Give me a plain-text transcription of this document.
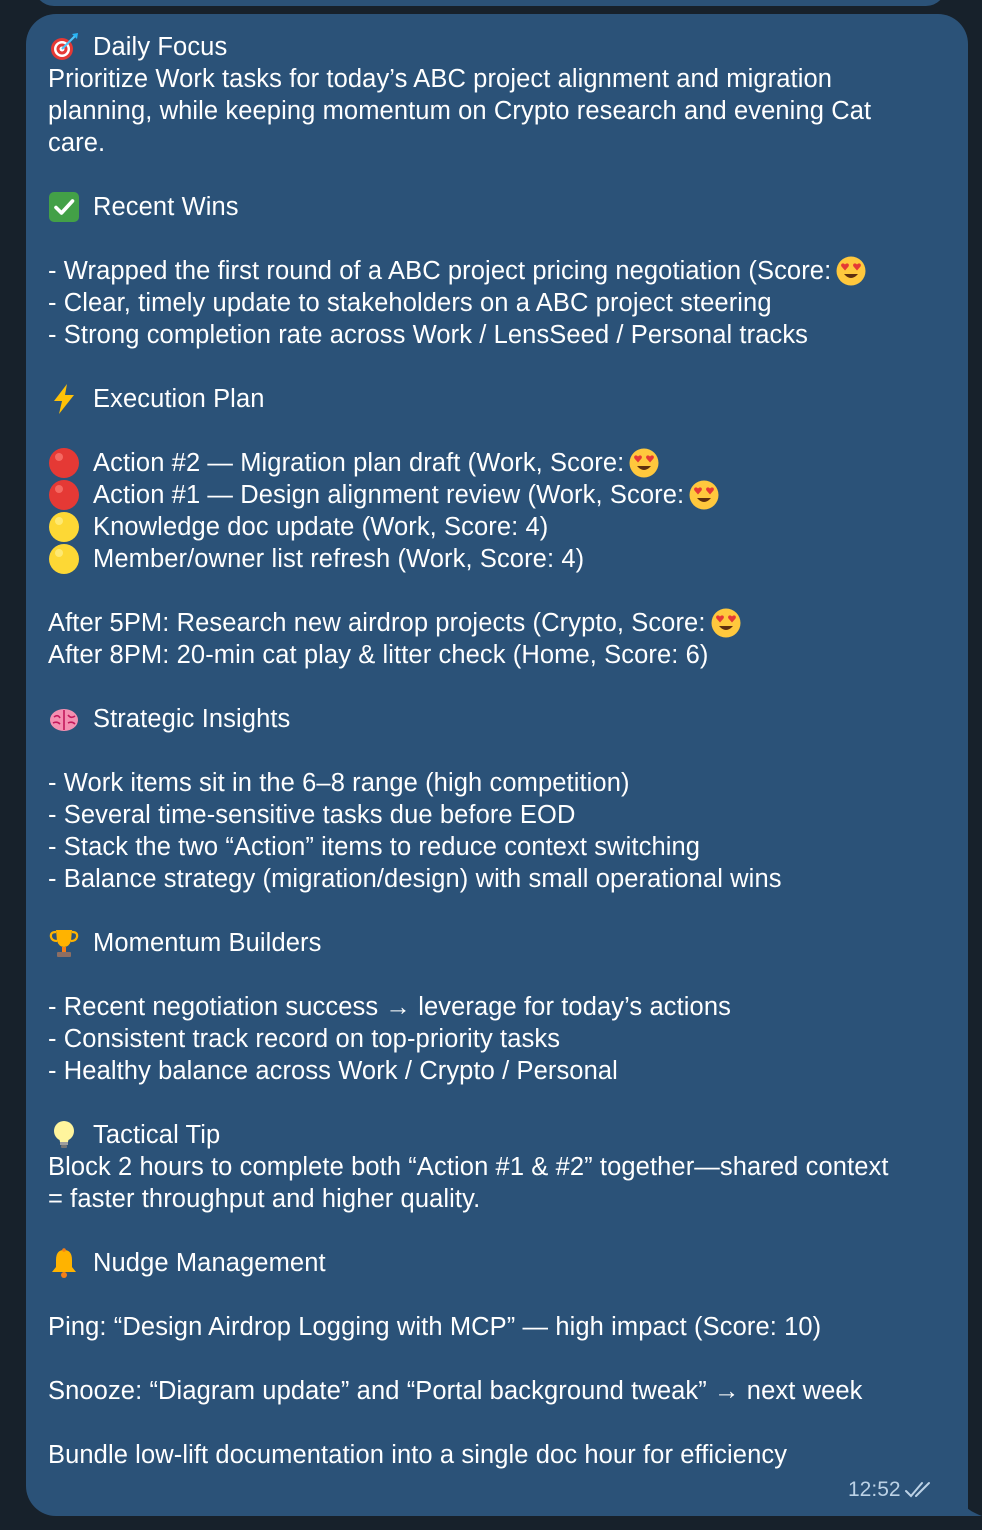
Daily Focus
Prioritize Work tasks for today’s ABC project alignment and migration
planning, while keeping momentum on Crypto research and evening Cat
care.
Recent Wins
- Wrapped the first round of a ABC project pricing negotiation (Score:
- Clear, timely update to stakeholders on a ABC project steering
- Strong completion rate across Work / LensSeed / Personal tracks
Execution Plan
Action #2 — Migration plan draft (Work, Score:
Action #1 — Design alignment review (Work, Score:
Knowledge doc update (Work, Score: 4)
Member/owner list refresh (Work, Score: 4)
After 5PM: Research new airdrop projects (Crypto, Score:
After 8PM: 20-min cat play & litter check (Home, Score: 6)
Strategic Insights
- Work items sit in the 6–8 range (high competition)
- Several time-sensitive tasks due before EOD
- Stack the two “Action” items to reduce context switching
- Balance strategy (migration/design) with small operational wins
Momentum Builders
- Recent negotiation success → leverage for today’s actions
- Consistent track record on top-priority tasks
- Healthy balance across Work / Crypto / Personal
Tactical Tip
Block 2 hours to complete both “Action #1 & #2” together—shared context
= faster throughput and higher quality.
Nudge Management
Ping: “Design Airdrop Logging with MCP” — high impact (Score: 10)
Snooze: “Diagram update” and “Portal background tweak” → next week
Bundle low-lift documentation into a single doc hour for efficiency
12:52
